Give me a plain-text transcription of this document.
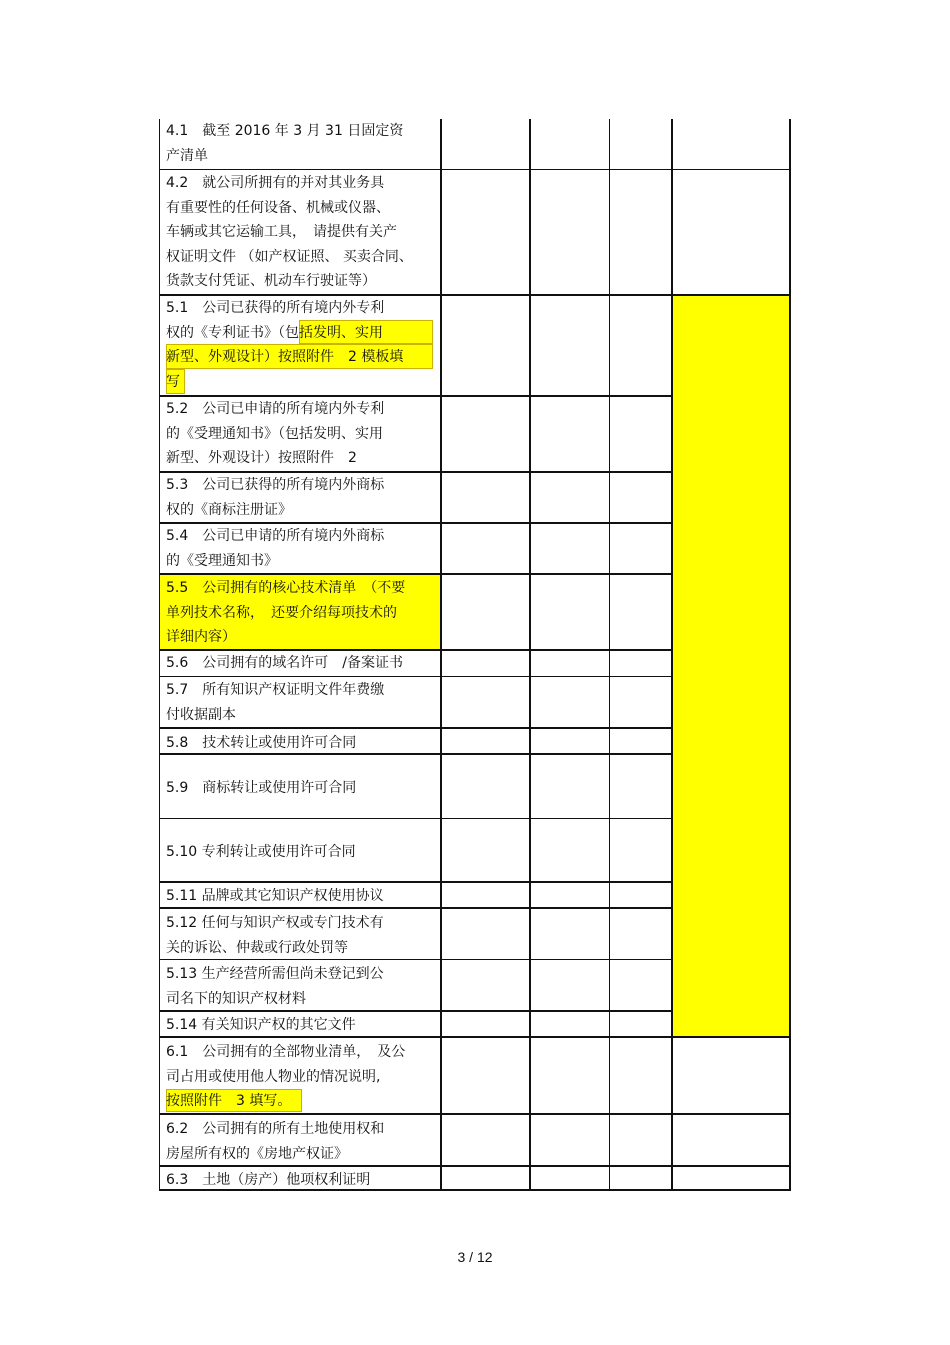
4.1　截至 2016 年 3 月 31 日固定资
产清单
4.2　就公司所拥有的并对其业务具
有重要性的任何设备、机械或仪器、
车辆或其它运输工具，　请提供有关产
权证明文件 （如产权证照、 买卖合同、
货款支付凭证、机动车行驶证等）
5.1　公司已获得的所有境内外专利
权的《专利证书》（包括发明、实用
新型、外观设计）按照附件　2 模板填
写
5.2　公司已申请的所有境内外专利
的《受理通知书》（包括发明、实用
新型、外观设计）按照附件　2
5.3　公司已获得的所有境内外商标
权的《商标注册证》
5.4　公司已申请的所有境内外商标
的《受理通知书》
5.5　公司拥有的核心技术清单　（不要
单列技术名称，　还要介绍每项技术的
详细内容）
5.6　公司拥有的域名许可　/备案证书
5.7　所有知识产权证明文件年费缴
付收据副本
5.8　技术转让或使用许可合同
5.9　商标转让或使用许可合同
5.10 专利转让或使用许可合同
5.11 品牌或其它知识产权使用协议
5.12 任何与知识产权或专门技术有
关的诉讼、仲裁或行政处罚等
5.13 生产经营所需但尚未登记到公
司名下的知识产权材料
5.14 有关知识产权的其它文件
6.1　公司拥有的全部物业清单，　及公
司占用或使用他人物业的情况说明,
按照附件　3 填写。
6.2　公司拥有的所有土地使用权和
房屋所有权的《房地产权证》
6.3　土地（房产）他项权利证明
3 / 12
